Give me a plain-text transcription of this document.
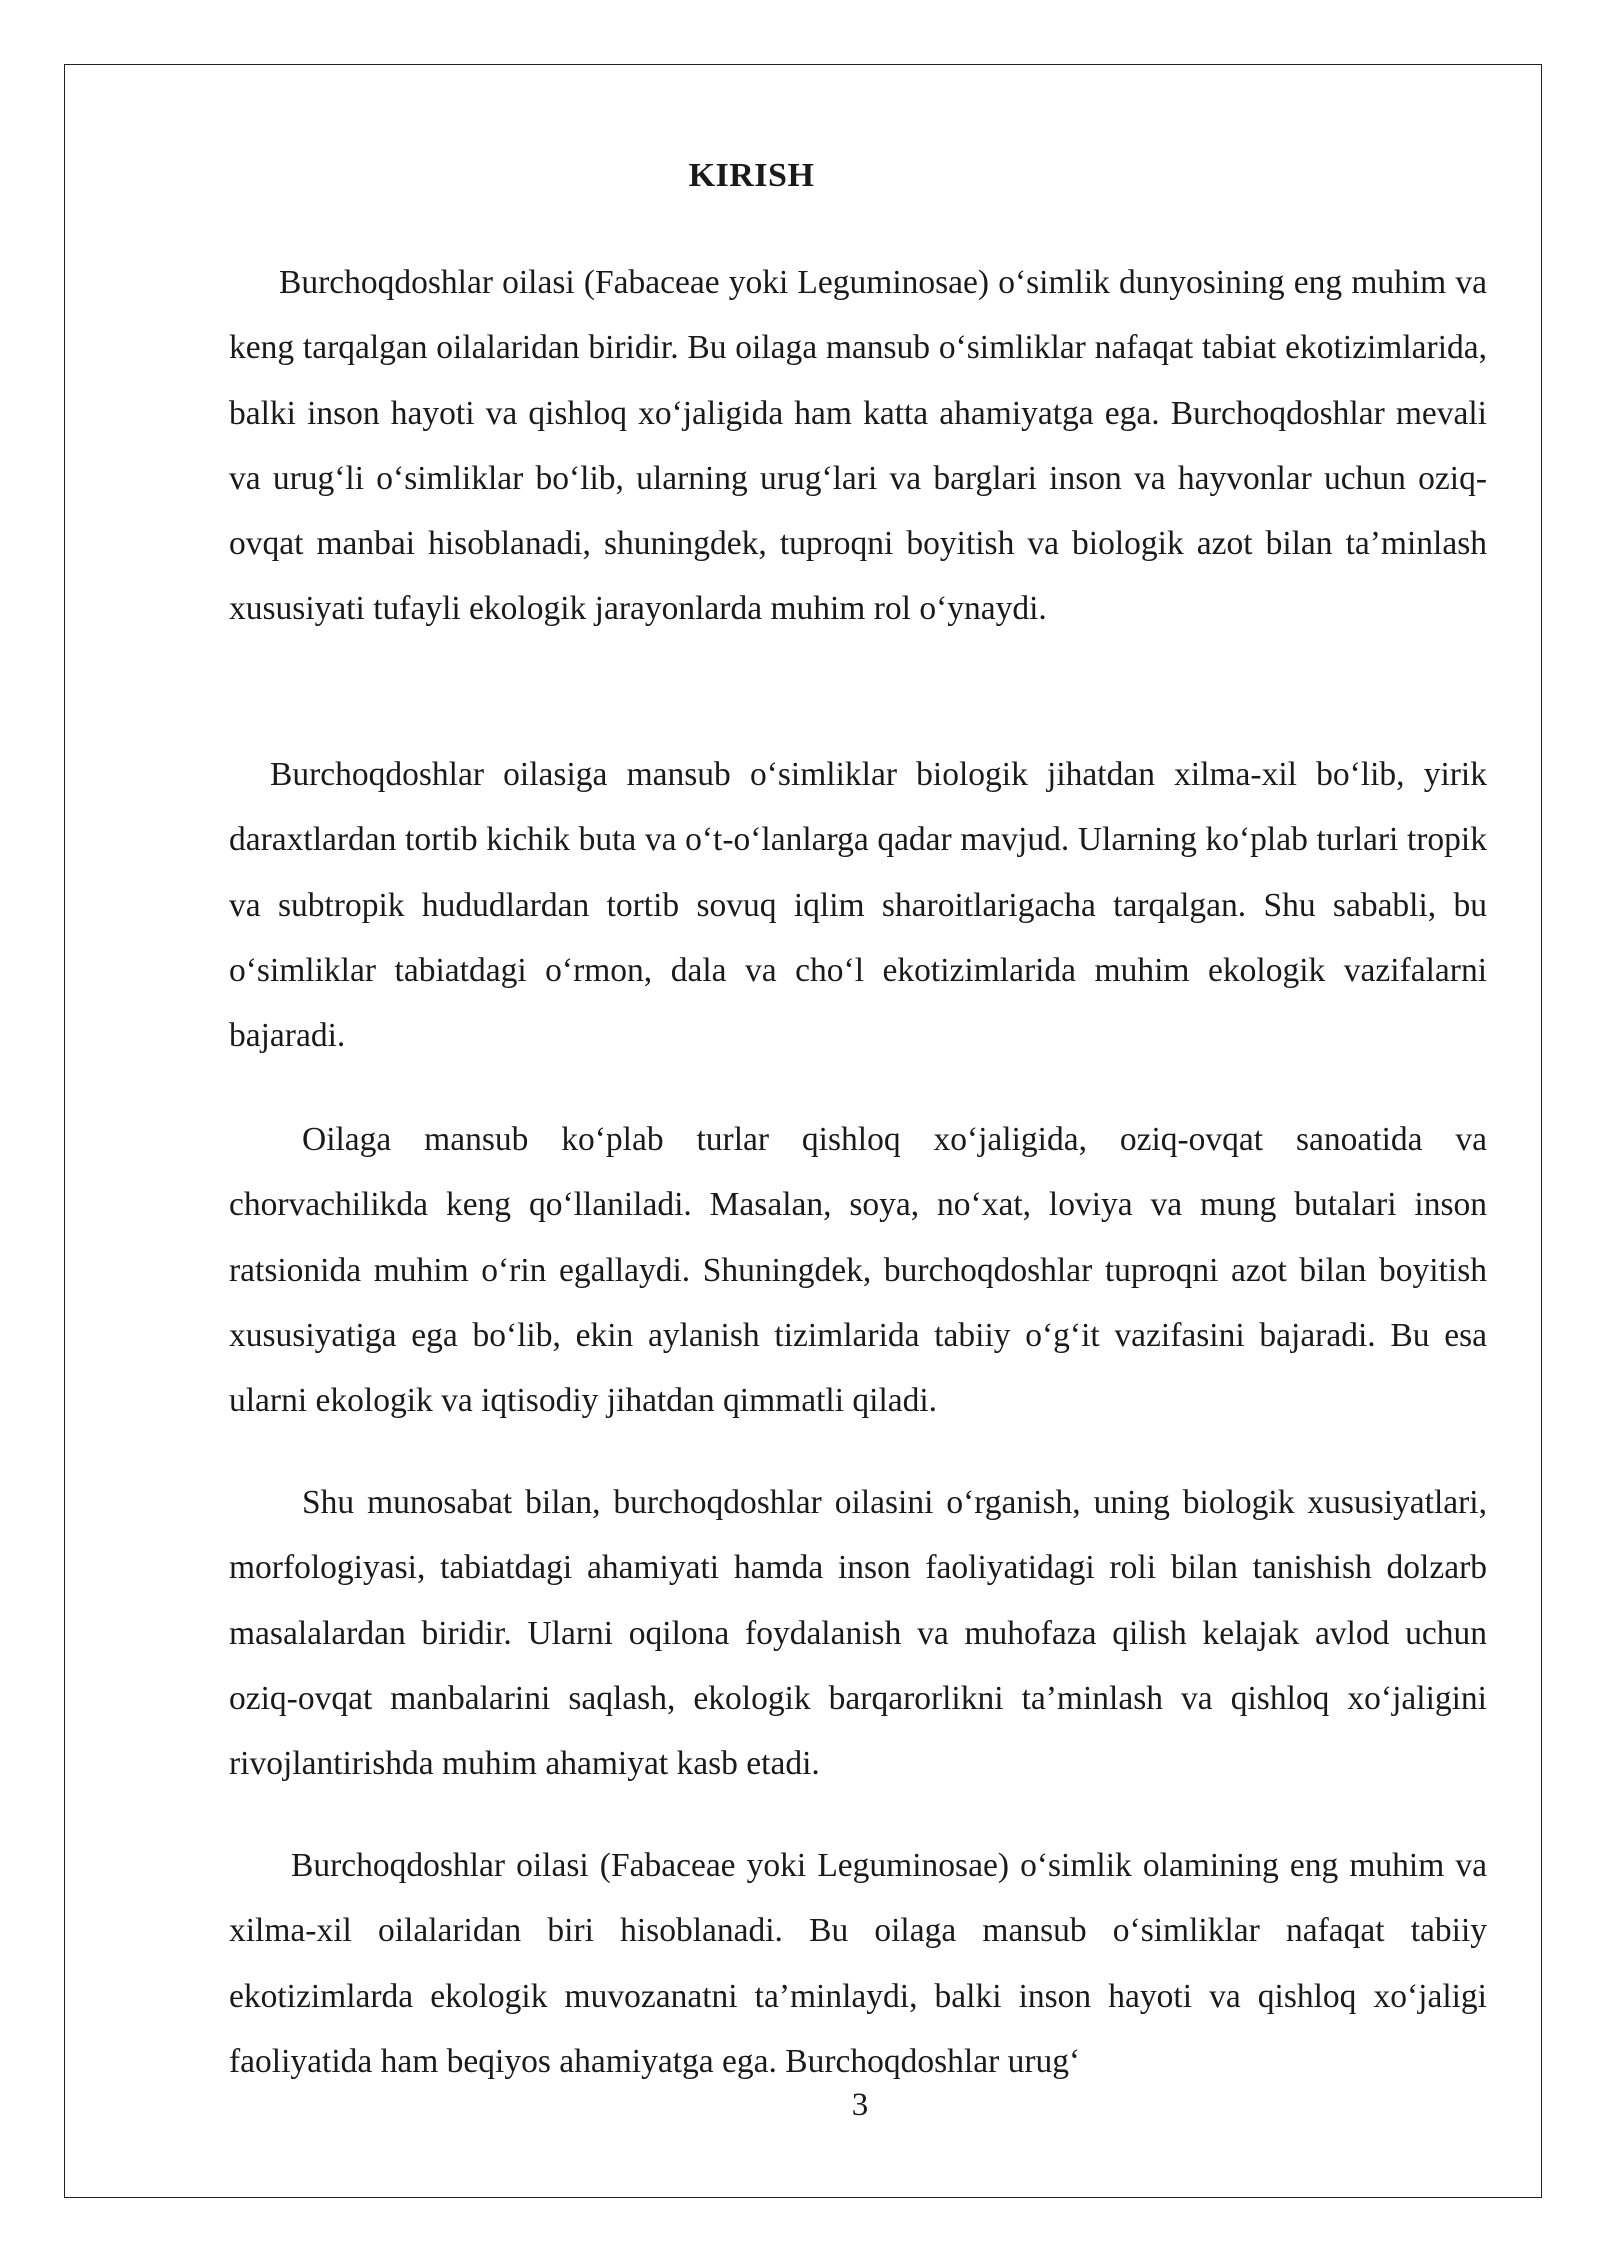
KIRISH

Burchoqdoshlar oilasi (Fabaceae yoki Leguminosae) o‘simlik dunyosining eng muhim va keng tarqalgan oilalaridan biridir. Bu oilaga mansub o‘simliklar nafaqat tabiat ekotizimlarida, balki inson hayoti va qishloq xo‘jaligida ham katta ahamiyatga ega. Burchoqdoshlar mevali va urug‘li o‘simliklar bo‘lib, ularning urug‘lari va barglari inson va hayvonlar uchun oziq-ovqat manbai hisoblanadi, shuningdek, tuproqni boyitish va biologik azot bilan ta’minlash xususiyati tufayli ekologik jarayonlarda muhim rol o‘ynaydi.

Burchoqdoshlar oilasiga mansub o‘simliklar biologik jihatdan xilma-xil bo‘lib, yirik daraxtlardan tortib kichik buta va o‘t-o‘lanlarga qadar mavjud. Ularning ko‘plab turlari tropik va subtropik hududlardan tortib sovuq iqlim sharoitlarigacha tarqalgan. Shu sababli, bu o‘simliklar tabiatdagi o‘rmon, dala va cho‘l ekotizimlarida muhim ekologik vazifalarni bajaradi.

Oilaga mansub ko‘plab turlar qishloq xo‘jaligida, oziq-ovqat sanoatida va chorvachilikda keng qo‘llaniladi. Masalan, soya, no‘xat, loviya va mung butalari inson ratsionida muhim o‘rin egallaydi. Shuningdek, burchoqdoshlar tuproqni azot bilan boyitish xususiyatiga ega bo‘lib, ekin aylanish tizimlarida tabiiy o‘g‘it vazifasini bajaradi. Bu esa ularni ekologik va iqtisodiy jihatdan qimmatli qiladi.

Shu munosabat bilan, burchoqdoshlar oilasini o‘rganish, uning biologik xususiyatlari, morfologiyasi, tabiatdagi ahamiyati hamda inson faoliyatidagi roli bilan tanishish dolzarb masalalardan biridir. Ularni oqilona foydalanish va muhofaza qilish kelajak avlod uchun oziq-ovqat manbalarini saqlash, ekologik barqarorlikni ta’minlash va qishloq xo‘jaligini rivojlantirishda muhim ahamiyat kasb etadi.

Burchoqdoshlar oilasi (Fabaceae yoki Leguminosae) o‘simlik olamining eng muhim va xilma-xil oilalaridan biri hisoblanadi. Bu oilaga mansub o‘simliklar nafaqat tabiiy ekotizimlarda ekologik muvozanatni ta’minlaydi, balki inson hayoti va qishloq xo‘jaligi faoliyatida ham beqiyos ahamiyatga ega. Burchoqdoshlar urug‘

3
